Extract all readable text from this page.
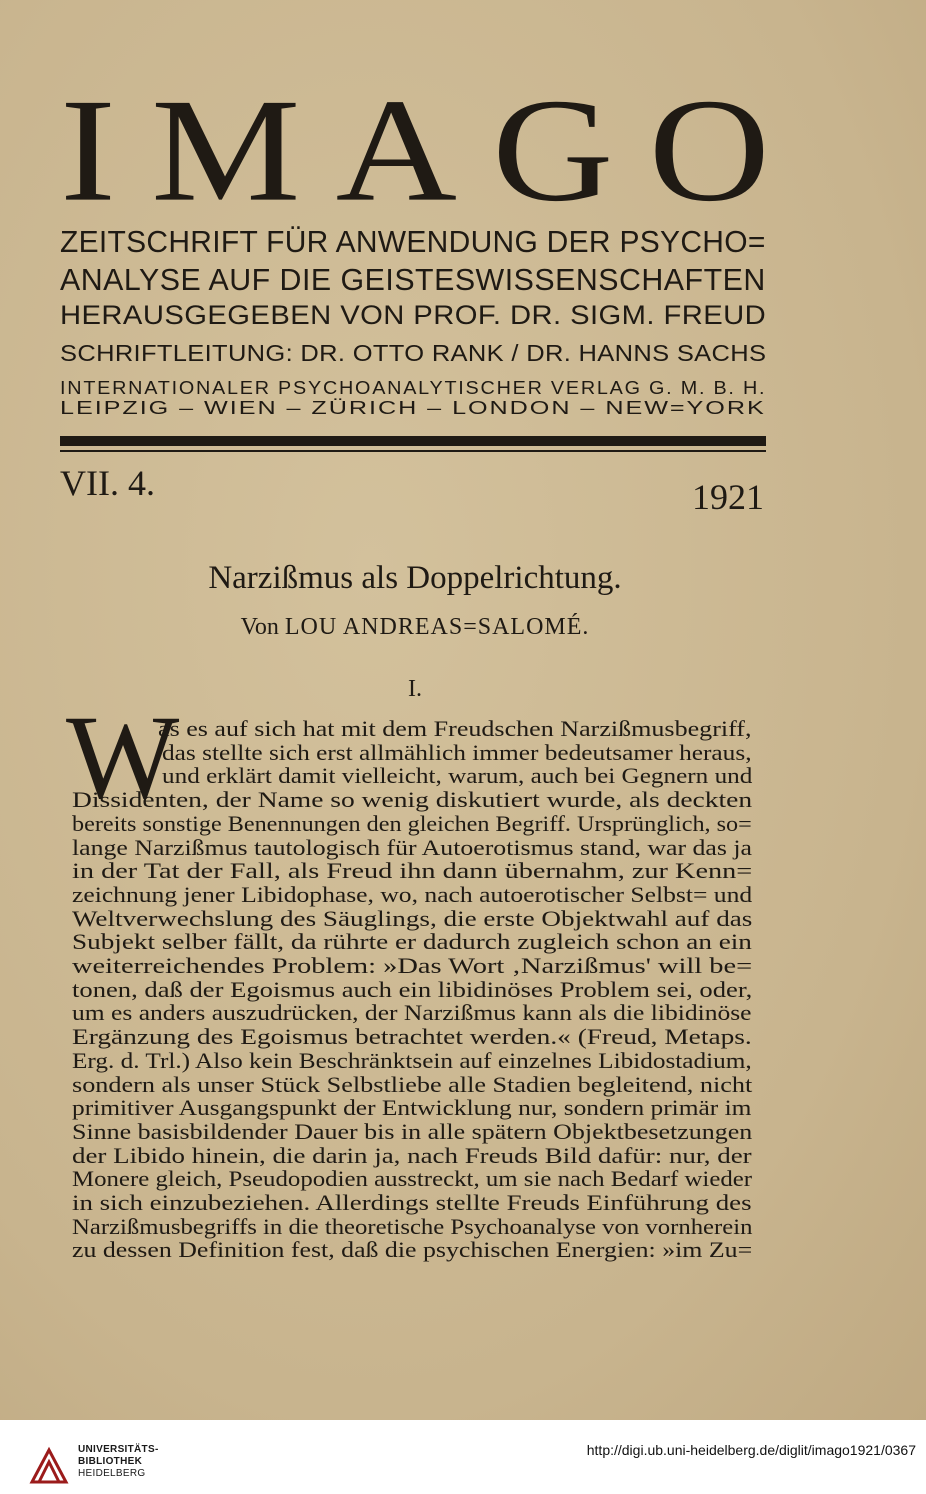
I M A G O
ZEITSCHRIFT FÜR ANWENDUNG DER PSYCHO=
ANALYSE AUF DIE GEISTESWISSENSCHAFTEN
HERAUSGEGEBEN VON PROF. DR. SIGM. FREUD
SCHRIFTLEITUNG: DR. OTTO RANK / DR. HANNS SACHS
INTERNATIONALER PSYCHOANALYTISCHER VERLAG G. M. B. H.
LEIPZIG – WIEN – ZÜRICH – LONDON – NEW=YORK
VII. 4.	1921
Narzißmus als Doppelrichtung.
Von LOU ANDREAS=SALOMÉ.
I.
W
as es auf sich hat mit dem Freudschen Narzißmusbegriff,
das stellte sich erst allmählich immer bedeutsamer heraus,
und erklärt damit vielleicht, warum, auch bei Gegnern und
Dissidenten, der Name so wenig diskutiert wurde, als deckten
bereits sonstige Benennungen den gleichen Begriff. Ursprünglich, so=
lange Narzißmus tautologisch für Autoerotismus stand, war das ja
in der Tat der Fall, als Freud ihn dann übernahm, zur Kenn=
zeichnung jener Libidophase, wo, nach autoerotischer Selbst= und
Weltverwechslung des Säuglings, die erste Objektwahl auf das
Subjekt selber fällt, da rührte er dadurch zugleich schon an ein
weiterreichendes Problem: »Das Wort ‚Narzißmus' will be=
tonen, daß der Egoismus auch ein libidinöses Problem sei, oder,
um es anders auszudrücken, der Narzißmus kann als die libidinöse
Ergänzung des Egoismus betrachtet werden.« (Freud, Metaps.
Erg. d. Trl.) Also kein Beschränktsein auf einzelnes Libidostadium,
sondern als unser Stück Selbstliebe alle Stadien begleitend, nicht
primitiver Ausgangspunkt der Entwicklung nur, sondern primär im
Sinne basisbildender Dauer bis in alle spätern Objektbesetzungen
der Libido hinein, die darin ja, nach Freuds Bild dafür: nur, der
Monere gleich, Pseudopodien ausstreckt, um sie nach Bedarf wieder
in sich einzubeziehen. Allerdings stellte Freuds Einführung des
Narzißmusbegriffs in die theoretische Psychoanalyse von vornherein
zu dessen Definition fest, daß die psychischen Energien: »im Zu=
UNIVERSITÄTS-
BIBLIOTHEK
HEIDELBERG
http://digi.ub.uni-heidelberg.de/diglit/imago1921/0367
